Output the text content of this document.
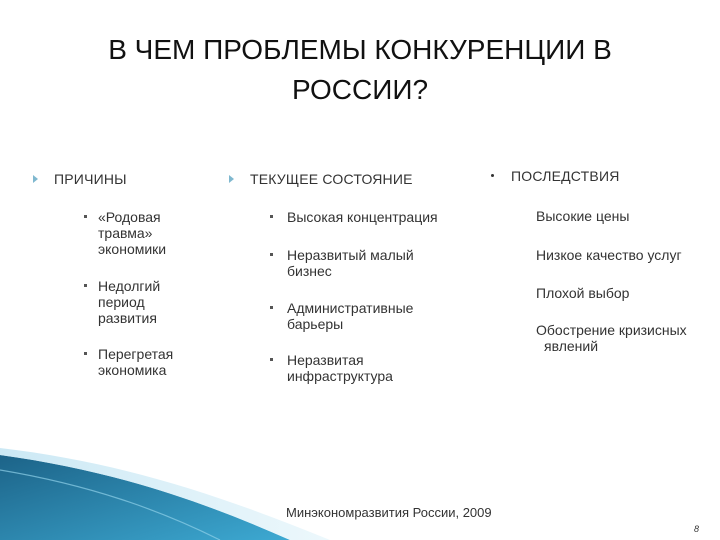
В ЧЕМ ПРОБЛЕМЫ КОНКУРЕНЦИИ В
РОССИИ?
ПРИЧИНЫ
«Родовая
травма»
экономики
Недолгий
период
развития
Перегретая
экономика
ТЕКУЩЕЕ СОСТОЯНИЕ
Высокая концентрация
Неразвитый малый
бизнес
Административные
барьеры
Неразвитая
инфраструктура
ПОСЛЕДСТВИЯ
Высокие цены
Низкое качество услуг
Плохой выбор
Обострение кризисных
явлений
Минэкономразвития России, 2009
8
